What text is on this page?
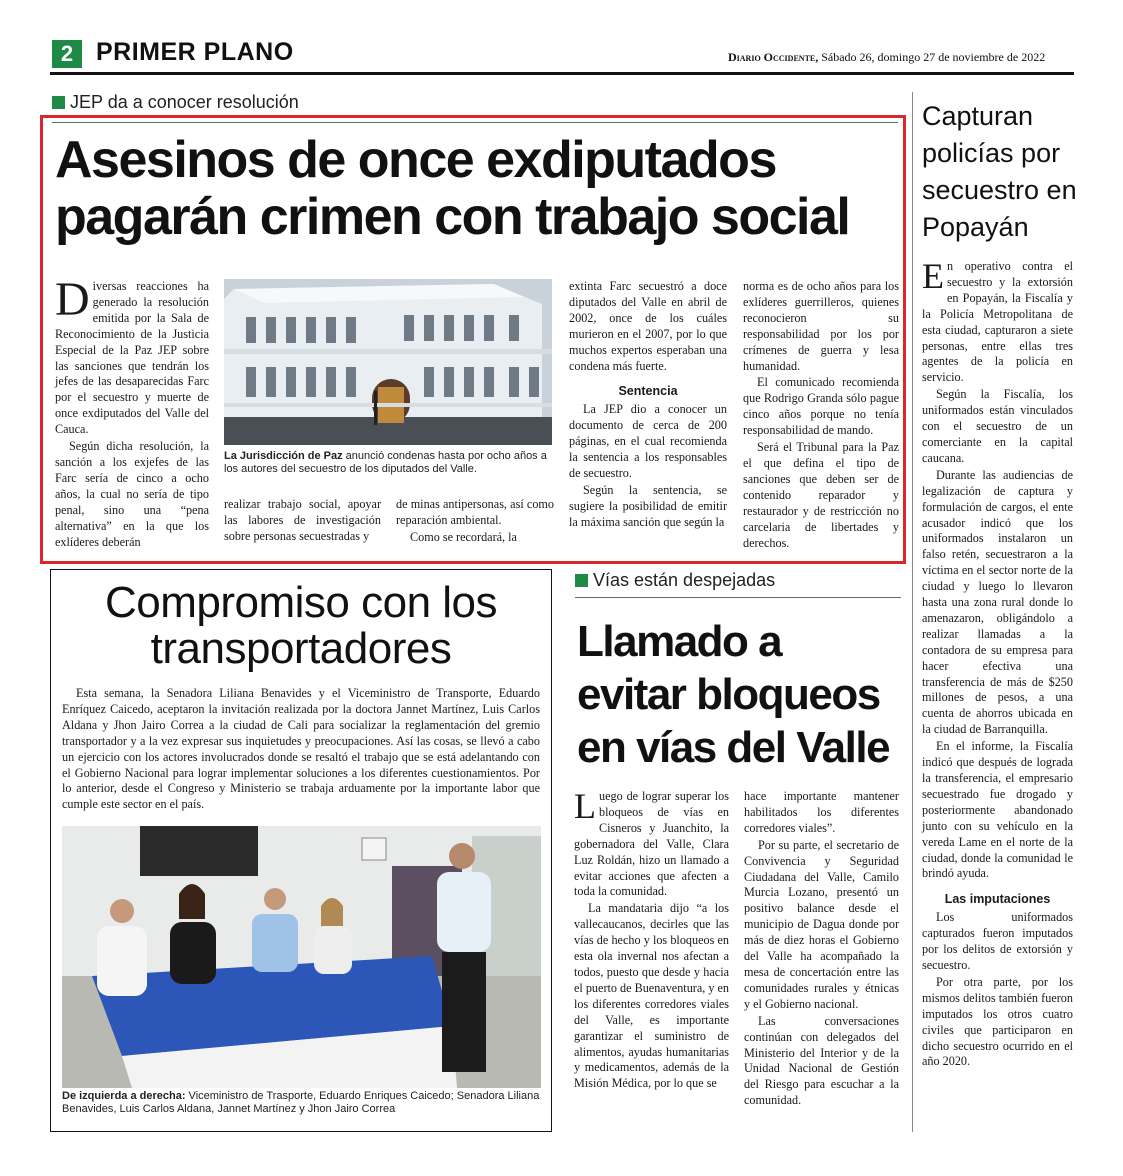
2 PRIMER PLANO	Diario Occidente, Sábado 26, domingo 27 de noviembre de 2022
JEP da a conocer resolución
Asesinos de once exdiputados pagarán crimen con trabajo social

Diversas reacciones ha generado la resolución emitida por la Sala de Reconocimiento de la Justicia Especial de la Paz JEP sobre las sanciones que tendrán los jefes de las desaparecidas Farc por el secuestro y muerte de once exdiputados del Valle del Cauca.

Según dicha resolución, la sanción a los exjefes de las Farc sería de cinco a ocho años, la cual no sería de tipo penal, sino una “pena alternativa” en la que los exlíderes deberán

La Jurisdicción de Paz anunció condenas hasta por ocho años a los autores del secuestro de los diputados del Valle.

realizar trabajo social, apoyar las labores de investigación sobre personas secuestradas y

de minas antipersonas, así como reparación ambiental.

Como se recordará, la

extinta Farc secuestró a doce diputados del Valle en abril de 2002, once de los cuáles murieron en el 2007, por lo que muchos expertos esperaban una condena más fuerte.

Sentencia

La JEP dio a conocer un documento de cerca de 200 páginas, en el cual recomienda la sentencia a los responsables de secuestro.

Según la sentencia, se sugiere la posibilidad de emitir la máxima sanción que según la

norma es de ocho años para los exlíderes guerrilleros, quienes reconocieron su responsabilidad por los por crímenes de guerra y lesa humanidad.

El comunicado recomienda que Rodrigo Granda sólo pague cinco años porque no tenía responsabilidad de mando.

Será el Tribunal para la Paz el que defina el tipo de sanciones que deben ser de contenido reparador y restaurador y de restricción no carcelaria de libertades y derechos.

Compromiso con los transportadores

Esta semana, la Senadora Liliana Benavides y el Viceministro de Transporte, Eduardo Enríquez Caicedo, aceptaron la invitación realizada por la doctora Jannet Martínez, Luis Carlos Aldana y Jhon Jairo Correa a la ciudad de Cali para socializar la reglamentación del gremio transportador y a la vez expresar sus inquietudes y preocupaciones. Así las cosas, se llevó a cabo un ejercicio con los actores involucrados donde se resaltó el trabajo que se está adelantando con el Gobierno Nacional para lograr implementar soluciones a los diferentes cuestionamientos. Por lo anterior, desde el Congreso y Ministerio se trabaja arduamente por la importante labor que cumple este sector en el país.

De izquierda a derecha: Viceministro de Trasporte, Eduardo Enriques Caicedo; Senadora Liliana Benavides, Luis Carlos Aldana, Jannet Martínez y Jhon Jairo Correa
Vías están despejadas
Llamado a evitar bloqueos en vías del Valle

Luego de lograr superar los bloqueos de vías en Cisneros y Juanchito, la gobernadora del Valle, Clara Luz Roldán, hizo un llamado a evitar acciones que afecten a toda la comunidad.

La mandataria dijo “a los vallecaucanos, decirles que las vías de hecho y los bloqueos en esta ola invernal nos afectan a todos, puesto que desde y hacia el puerto de Buenaventura, y en los diferentes corredores viales del Valle, es importante garantizar el suministro de alimentos, ayudas humanitarias y medicamentos, además de la Misión Médica, por lo que se

hace importante mantener habilitados los diferentes corredores viales”.

Por su parte, el secretario de Convivencia y Seguridad Ciudadana del Valle, Camilo Murcia Lozano, presentó un positivo balance desde el municipio de Dagua donde por más de diez horas el Gobierno del Valle ha acompañado la mesa de concertación entre las comunidades rurales y étnicas y el Gobierno nacional.

Las conversaciones continúan con delegados del Ministerio del Interior y de la Unidad Nacional de Gestión del Riesgo para escuchar a la comunidad.

Capturan policías por secuestro en Popayán

En operativo contra el secuestro y la extorsión en Popayán, la Fiscalía y la Policía Metropolitana de esta ciudad, capturaron a siete personas, entre ellas tres agentes de la policía en servicio.

Según la Fiscalía, los uniformados están vinculados con el secuestro de un comerciante en la capital caucana.

Durante las audiencias de legalización de captura y formulación de cargos, el ente acusador indicó que los uniformados instalaron un falso retén, secuestraron a la víctima en el sector norte de la ciudad y luego lo llevaron hasta una zona rural donde lo amenazaron, obligándolo a realizar llamadas a la contadora de su empresa para hacer efectiva una transferencia de más de $250 millones de pesos, a una cuenta de ahorros ubicada en la ciudad de Barranquilla.

En el informe, la Fiscalía indicó que después de lograda la transferencia, el empresario secuestrado fue drogado y posteriormente abandonado junto con su vehículo en la vereda Lame en el norte de la ciudad, donde la comunidad le brindó ayuda.

Las imputaciones

Los uniformados capturados fueron imputados por los delitos de extorsión y secuestro.

Por otra parte, por los mismos delitos también fueron imputados los otros cuatro civiles que participaron en dicho secuestro ocurrido en el año 2020.
